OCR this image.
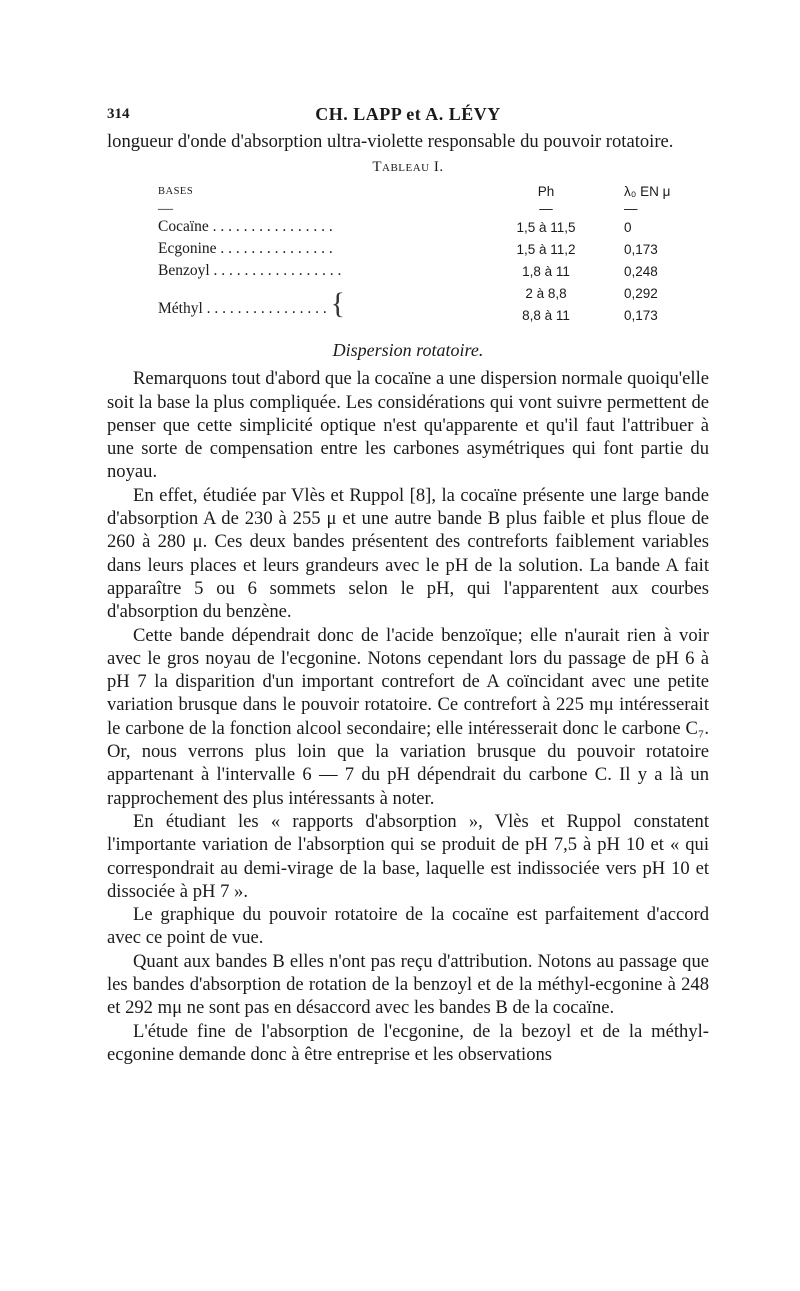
314	CH. LAPP et A. LÉVY

longueur d'onde d'absorption ultra-violette responsable du pouvoir rotatoire.

Tableau I.
BASES	Ph	λ₀ EN μ
—	—	—
Cocaïne . . . . . . . . . . . . . . . .	1,5 à 11,5	0
Ecgonine . . . . . . . . . . . . . . .	1,5 à 11,2	0,173
Benzoyl . . . . . . . . . . . . . . . . .	1,8 à 11	0,248
Méthyl . . . . . . . . . . . . . . . . {	2 à 8,8	0,292
	8,8 à 11	0,173
Dispersion rotatoire.

Remarquons tout d'abord que la cocaïne a une dispersion normale quoiqu'elle soit la base la plus compliquée. Les considérations qui vont suivre permettent de penser que cette simplicité optique n'est qu'apparente et qu'il faut l'attribuer à une sorte de compensation entre les carbones asymétriques qui font partie du noyau.

En effet, étudiée par Vlès et Ruppol [8], la cocaïne présente une large bande d'absorption A de 230 à 255 μ et une autre bande B plus faible et plus floue de 260 à 280 μ. Ces deux bandes présentent des contreforts faiblement variables dans leurs places et leurs grandeurs avec le pH de la solution. La bande A fait apparaître 5 ou 6 sommets selon le pH, qui l'apparentent aux courbes d'absorption du benzène.

Cette bande dépendrait donc de l'acide benzoïque; elle n'aurait rien à voir avec le gros noyau de l'ecgonine. Notons cependant lors du passage de pH 6 à pH 7 la disparition d'un important contrefort de A coïncidant avec une petite variation brusque dans le pouvoir rotatoire. Ce contrefort à 225 mμ intéresserait le carbone de la fonction alcool secondaire; elle intéresserait donc le carbone C₇. Or, nous verrons plus loin que la variation brusque du pouvoir rotatoire appartenant à l'intervalle 6 — 7 du pH dépendrait du carbone C. Il y a là un rapprochement des plus intéressants à noter.

En étudiant les « rapports d'absorption », Vlès et Ruppol constatent l'importante variation de l'absorption qui se produit de pH 7,5 à pH 10 et « qui correspondrait au demi-virage de la base, laquelle est indissociée vers pH 10 et dissociée à pH 7 ».

Le graphique du pouvoir rotatoire de la cocaïne est parfaitement d'accord avec ce point de vue.

Quant aux bandes B elles n'ont pas reçu d'attribution. Notons au passage que les bandes d'absorption de rotation de la benzoyl et de la méthyl-ecgonine à 248 et 292 mμ ne sont pas en désaccord avec les bandes B de la cocaïne.

L'étude fine de l'absorption de l'ecgonine, de la bezoyl et de la méthyl-ecgonine demande donc à être entreprise et les observations
